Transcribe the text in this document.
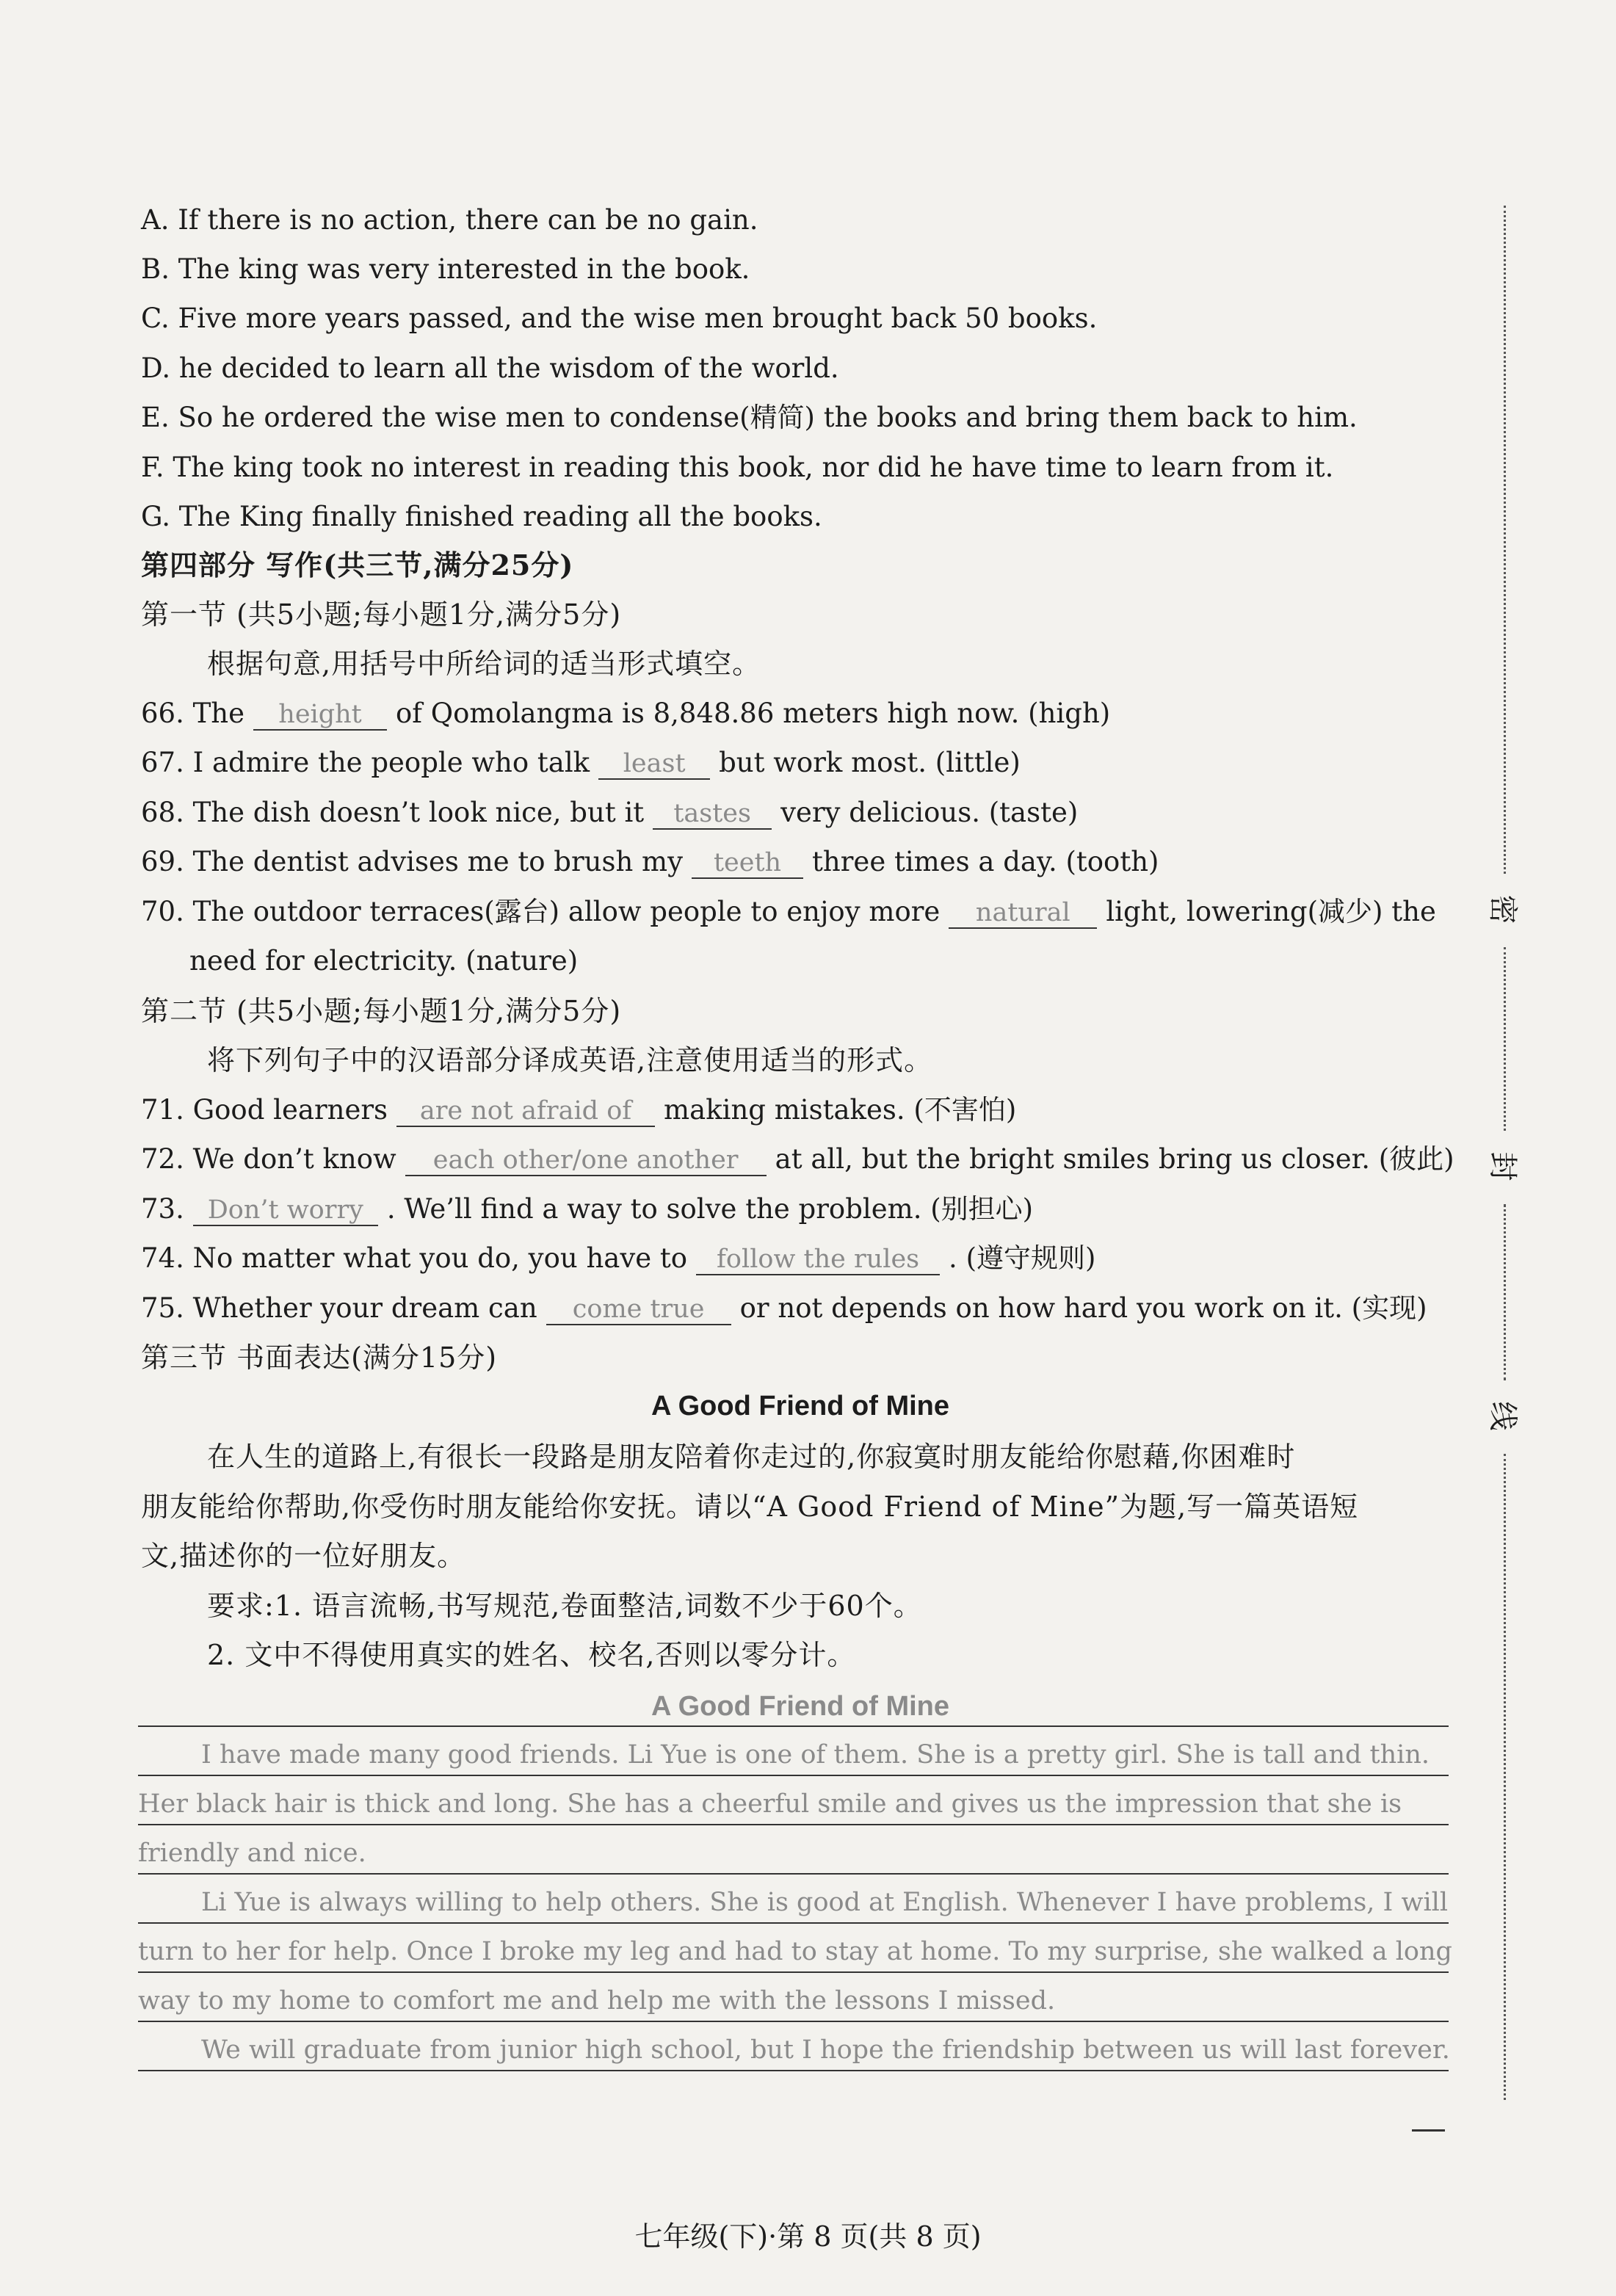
A. If there is no action, there can be no gain.
B. The king was very interested in the book.
C. Five more years passed, and the wise men brought back 50 books.
D. he decided to learn all the wisdom of the world.
E. So he ordered the wise men to condense(精简) the books and bring them back to him.
F. The king took no interest in reading this book, nor did he have time to learn from it.
G. The King finally finished reading all the books.
第四部分 写作(共三节,满分25分)
第一节 (共5小题;每小题1分,满分5分)
根据句意,用括号中所给词的适当形式填空。
66. The height of Qomolangma is 8,848.86 meters high now. (high)
67. I admire the people who talk least but work most. (little)
68. The dish doesn’t look nice, but it tastes very delicious. (taste)
69. The dentist advises me to brush my teeth three times a day. (tooth)
70. The outdoor terraces(露台) allow people to enjoy more natural light, lowering(减少) the
need for electricity. (nature)
第二节 (共5小题;每小题1分,满分5分)
将下列句子中的汉语部分译成英语,注意使用适当的形式。
71. Good learners are not afraid of making mistakes. (不害怕)
72. We don’t know each other/one another at all, but the bright smiles bring us closer. (彼此)
73. Don’t worry . We’ll find a way to solve the problem. (别担心)
74. No matter what you do, you have to follow the rules . (遵守规则)
75. Whether your dream can come true or not depends on how hard you work on it. (实现)
第三节 书面表达(满分15分)
A Good Friend of Mine
在人生的道路上,有很长一段路是朋友陪着你走过的,你寂寞时朋友能给你慰藉,你困难时
朋友能给你帮助,你受伤时朋友能给你安抚。请以“A Good Friend of Mine”为题,写一篇英语短
文,描述你的一位好朋友。
要求:1. 语言流畅,书写规范,卷面整洁,词数不少于60个。
2. 文中不得使用真实的姓名、校名,否则以零分计。
A Good Friend of Mine
I have made many good friends. Li Yue is one of them. She is a pretty girl. She is tall and thin.
Her black hair is thick and long. She has a cheerful smile and gives us the impression that she is
friendly and nice.
Li Yue is always willing to help others. She is good at English. Whenever I have problems, I will
turn to her for help. Once I broke my leg and had to stay at home. To my surprise, she walked a long
way to my home to comfort me and help me with the lessons I missed.
We will graduate from junior high school, but I hope the friendship between us will last forever.
密
封
线
七年级(下)·第 8 页(共 8 页)
